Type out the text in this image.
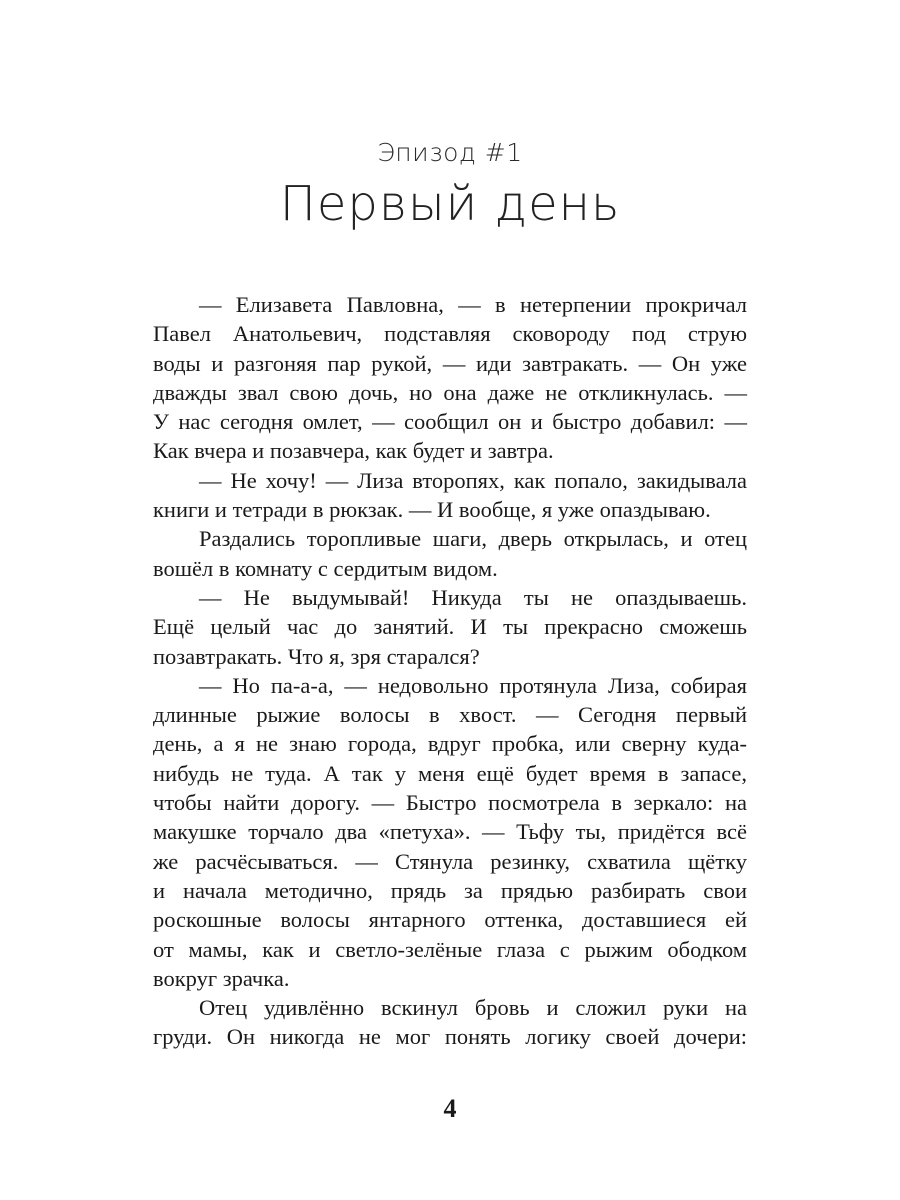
Эпизод #1
Первый день
— Елизавета Павловна, — в нетерпении прокричал
Павел Анатольевич, подставляя сковороду под струю
воды и разгоняя пар рукой, — иди завтракать. — Он уже
дважды звал свою дочь, но она даже не откликнулась. —
У нас сегодня омлет, — сообщил он и быстро добавил: —
Как вчера и позавчера, как будет и завтра.
— Не хочу! — Лиза второпях, как попало, закидывала
книги и тетради в рюкзак. — И вообще, я уже опаздываю.
Раздались торопливые шаги, дверь открылась, и отец
вошёл в комнату с сердитым видом.
— Не выдумывай! Никуда ты не опаздываешь.
Ещё целый час до занятий. И ты прекрасно сможешь
позавтракать. Что я, зря старался?
— Но па-а-а, — недовольно протянула Лиза, собирая
длинные рыжие волосы в хвост. — Сегодня первый
день, а я не знаю города, вдруг пробка, или сверну куда-
нибудь не туда. А так у меня ещё будет время в запасе,
чтобы найти дорогу. — Быстро посмотрела в зеркало: на
макушке торчало два «петуха». — Тьфу ты, придётся всё
же расчёсываться. — Стянула резинку, схватила щётку
и начала методично, прядь за прядью разбирать свои
роскошные волосы янтарного оттенка, доставшиеся ей
от мамы, как и светло-зелёные глаза с рыжим ободком
вокруг зрачка.
Отец удивлённо вскинул бровь и сложил руки на
груди. Он никогда не мог понять логику своей дочери:
4
